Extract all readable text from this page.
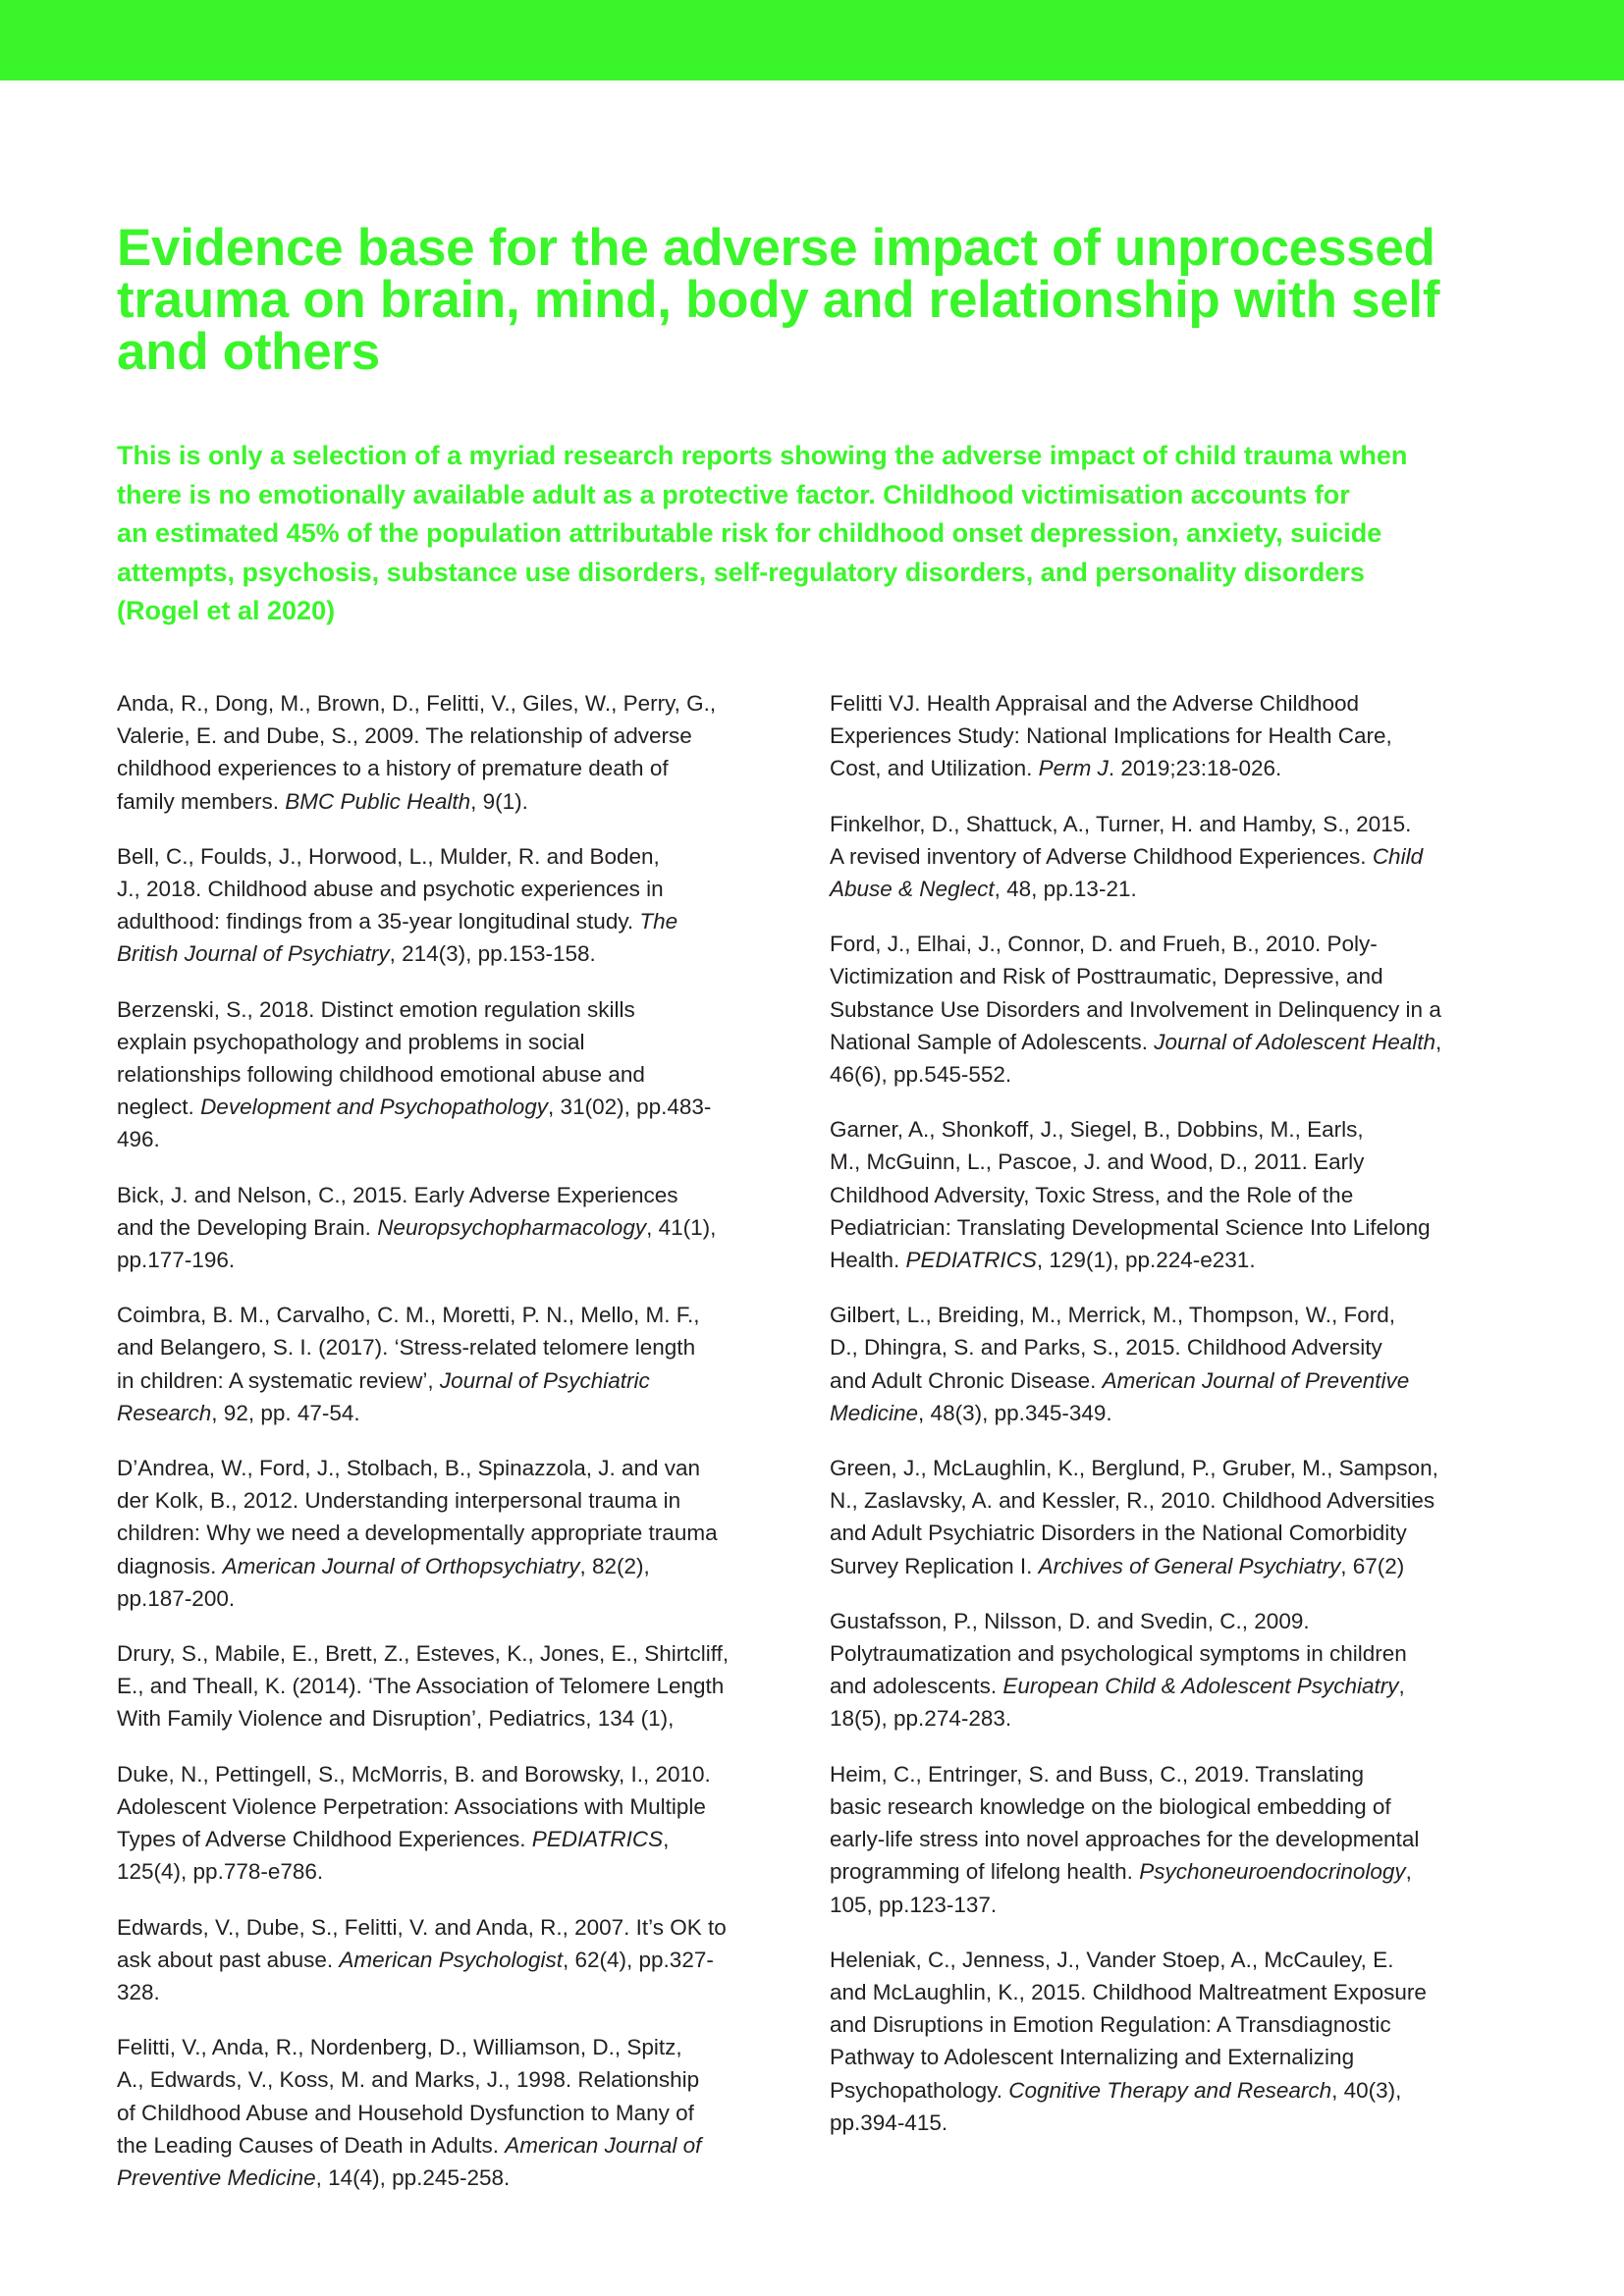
Evidence base for the adverse impact of unprocessed
trauma on brain, mind, body and relationship with self
and others

This is only a selection of a myriad research reports showing the adverse impact of child trauma when
there is no emotionally available adult as a protective factor. Childhood victimisation accounts for
an estimated 45% of the population attributable risk for childhood onset depression, anxiety, suicide
attempts, psychosis, substance use disorders, self-regulatory disorders, and personality disorders
(Rogel et al 2020)

Anda, R., Dong, M., Brown, D., Felitti, V., Giles, W., Perry, G.,
Valerie, E. and Dube, S., 2009. The relationship of adverse
childhood experiences to a history of premature death of
family members. BMC Public Health, 9(1).

Bell, C., Foulds, J., Horwood, L., Mulder, R. and Boden,
J., 2018. Childhood abuse and psychotic experiences in
adulthood: findings from a 35-year longitudinal study. The
British Journal of Psychiatry, 214(3), pp.153-158.

Berzenski, S., 2018. Distinct emotion regulation skills
explain psychopathology and problems in social
relationships following childhood emotional abuse and
neglect. Development and Psychopathology, 31(02), pp.483-
496.

Bick, J. and Nelson, C., 2015. Early Adverse Experiences
and the Developing Brain. Neuropsychopharmacology, 41(1),
pp.177-196.

Coimbra, B. M., Carvalho, C. M., Moretti, P. N., Mello, M. F.,
and Belangero, S. I. (2017). ‘Stress-related telomere length
in children: A systematic review’, Journal of Psychiatric
Research, 92, pp. 47-54.

D’Andrea, W., Ford, J., Stolbach, B., Spinazzola, J. and van
der Kolk, B., 2012. Understanding interpersonal trauma in
children: Why we need a developmentally appropriate trauma
diagnosis. American Journal of Orthopsychiatry, 82(2),
pp.187-200.

Drury, S., Mabile, E., Brett, Z., Esteves, K., Jones, E., Shirtcliff,
E., and Theall, K. (2014). ‘The Association of Telomere Length
With Family Violence and Disruption’, Pediatrics, 134 (1),

Duke, N., Pettingell, S., McMorris, B. and Borowsky, I., 2010.
Adolescent Violence Perpetration: Associations with Multiple
Types of Adverse Childhood Experiences. PEDIATRICS,
125(4), pp.778-e786.

Edwards, V., Dube, S., Felitti, V. and Anda, R., 2007. It’s OK to
ask about past abuse. American Psychologist, 62(4), pp.327-
328.

Felitti, V., Anda, R., Nordenberg, D., Williamson, D., Spitz,
A., Edwards, V., Koss, M. and Marks, J., 1998. Relationship
of Childhood Abuse and Household Dysfunction to Many of
the Leading Causes of Death in Adults. American Journal of
Preventive Medicine, 14(4), pp.245-258.

Felitti VJ. Health Appraisal and the Adverse Childhood
Experiences Study: National Implications for Health Care,
Cost, and Utilization. Perm J. 2019;23:18-026.

Finkelhor, D., Shattuck, A., Turner, H. and Hamby, S., 2015.
A revised inventory of Adverse Childhood Experiences. Child
Abuse & Neglect, 48, pp.13-21.

Ford, J., Elhai, J., Connor, D. and Frueh, B., 2010. Poly-
Victimization and Risk of Posttraumatic, Depressive, and
Substance Use Disorders and Involvement in Delinquency in a
National Sample of Adolescents. Journal of Adolescent Health,
46(6), pp.545-552.

Garner, A., Shonkoff, J., Siegel, B., Dobbins, M., Earls,
M., McGuinn, L., Pascoe, J. and Wood, D., 2011. Early
Childhood Adversity, Toxic Stress, and the Role of the
Pediatrician: Translating Developmental Science Into Lifelong
Health. PEDIATRICS, 129(1), pp.224-e231.

Gilbert, L., Breiding, M., Merrick, M., Thompson, W., Ford,
D., Dhingra, S. and Parks, S., 2015. Childhood Adversity
and Adult Chronic Disease. American Journal of Preventive
Medicine, 48(3), pp.345-349.

Green, J., McLaughlin, K., Berglund, P., Gruber, M., Sampson,
N., Zaslavsky, A. and Kessler, R., 2010. Childhood Adversities
and Adult Psychiatric Disorders in the National Comorbidity
Survey Replication I. Archives of General Psychiatry, 67(2)

Gustafsson, P., Nilsson, D. and Svedin, C., 2009.
Polytraumatization and psychological symptoms in children
and adolescents. European Child & Adolescent Psychiatry,
18(5), pp.274-283.

Heim, C., Entringer, S. and Buss, C., 2019. Translating
basic research knowledge on the biological embedding of
early-life stress into novel approaches for the developmental
programming of lifelong health. Psychoneuroendocrinology,
105, pp.123-137.

Heleniak, C., Jenness, J., Vander Stoep, A., McCauley, E.
and McLaughlin, K., 2015. Childhood Maltreatment Exposure
and Disruptions in Emotion Regulation: A Transdiagnostic
Pathway to Adolescent Internalizing and Externalizing
Psychopathology. Cognitive Therapy and Research, 40(3),
pp.394-415.
